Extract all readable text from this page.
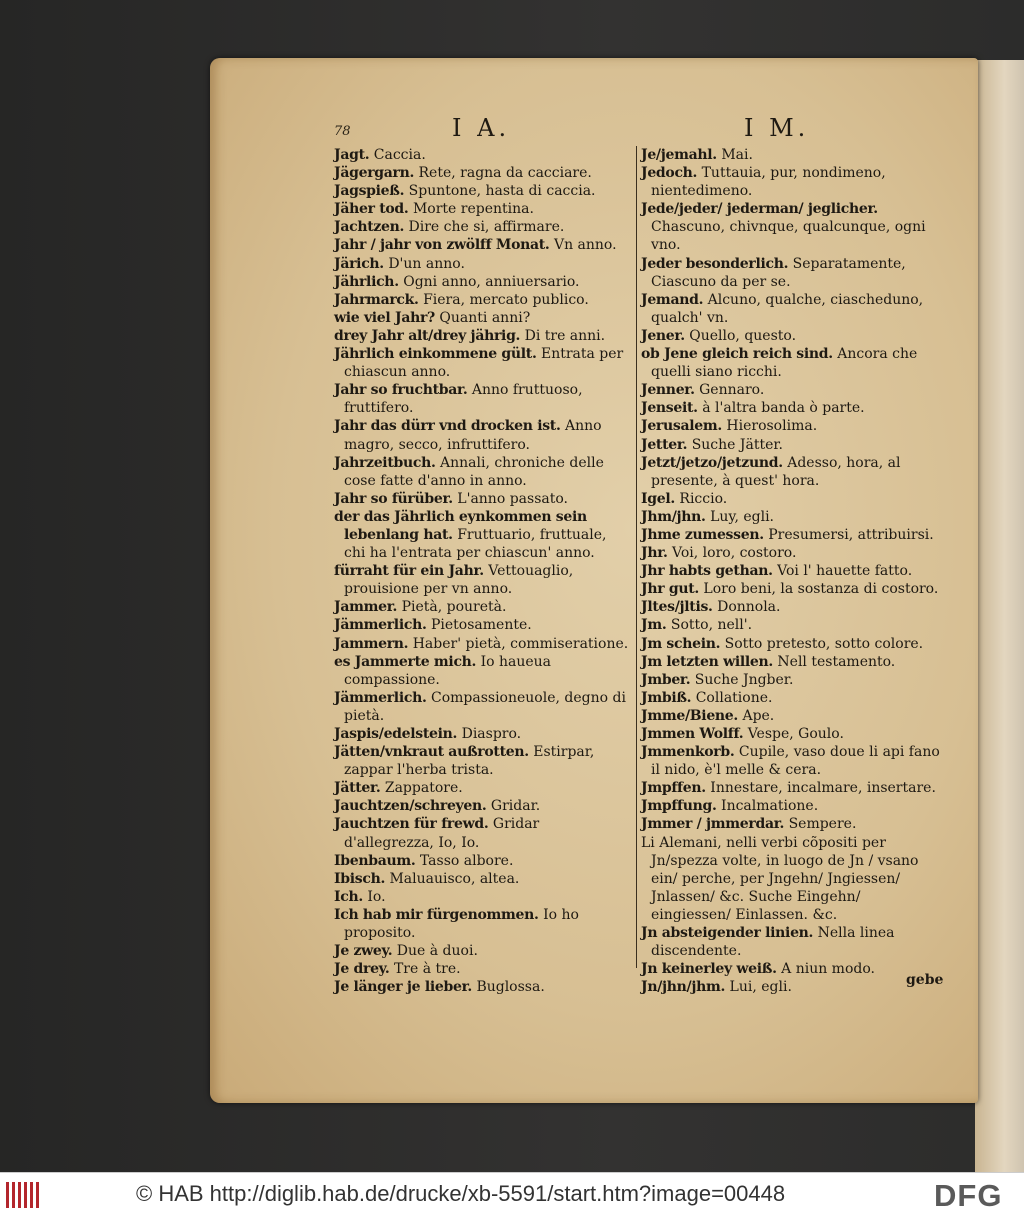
78	I A.	I M.
Jagt. Caccia.
Jägergarn. Rete, ragna da cacciare.
Jagspieß. Spuntone, hasta di caccia.
Jäher tod. Morte repentina.
Jachtzen. Dire che si, affirmare.
Jahr / jahr von zwölff Monat. Vn anno.
Järich. D'un anno.
Jährlich. Ogni anno, anniuersario.
Jahrmarck. Fiera, mercato publico.
wie viel Jahr? Quanti anni?
drey Jahr alt/drey jährig. Di tre anni.
Jährlich einkommene gült. Entrata per chiascun anno.
Jahr so fruchtbar. Anno fruttuoso, fruttifero.
Jahr das dürr vnd drocken ist. Anno magro, secco, infruttifero.
Jahrzeitbuch. Annali, chroniche delle cose fatte d'anno in anno.
Jahr so fürüber. L'anno passato.
der das Jährlich eynkommen sein lebenlang hat. Fruttuario, fruttuale, chi ha l'entrata per chiascun' anno.
fürraht für ein Jahr. Vettouaglio, prouisione per vn anno.
Jammer. Pietà, pouretà.
Jämmerlich. Pietosamente.
Jammern. Haber' pietà, commiseratione.
es Jammerte mich. Io haueua compassione.
Jämmerlich. Compassioneuole, degno di pietà.
Jaspis/edelstein. Diaspro.
Jätten/vnkraut außrotten. Estirpar, zappar l'herba trista.
Jätter. Zappatore.
Jauchtzen/schreyen. Gridar.
Jauchtzen für frewd. Gridar d'allegrezza, Io, Io.
Ibenbaum. Tasso albore.
Ibisch. Maluauisco, altea.
Ich. Io.
Ich hab mir fürgenommen. Io ho proposito.
Je zwey. Due à duoi.
Je drey. Tre à tre.
Je länger je lieber. Buglossa.
Je/jemahl. Mai.
Jedoch. Tuttauia, pur, nondimeno, nientedimeno.
Jede/jeder/ jederman/ jeglicher. Chascuno, chivnque, qualcunque, ogni vno.
Jeder besonderlich. Separatamente, Ciascuno da per se.
Jemand. Alcuno, qualche, ciascheduno, qualch' vn.
Jener. Quello, questo.
ob Jene gleich reich sind. Ancora che quelli siano ricchi.
Jenner. Gennaro.
Jenseit. à l'altra banda ò parte.
Jerusalem. Hierosolima.
Jetter. Suche Jätter.
Jetzt/jetzo/jetzund. Adesso, hora, al presente, à quest' hora.
Igel. Riccio.
Jhm/jhn. Luy, egli.
Jhme zumessen. Presumersi, attribuirsi.
Jhr. Voi, loro, costoro.
Jhr habts gethan. Voi l' hauette fatto.
Jhr gut. Loro beni, la sostanza di costoro.
Jltes/jltis. Donnola.
Jm. Sotto, nell'.
Jm schein. Sotto pretesto, sotto colore.
Jm letzten willen. Nell testamento.
Jmber. Suche Jngber.
Jmbiß. Collatione.
Jmme/Biene. Ape.
Jmmen Wolff. Vespe, Goulo.
Jmmenkorb. Cupile, vaso doue li api fano il nido, è'l melle & cera.
Jmpffen. Innestare, incalmare, insertare.
Jmpffung. Incalmatione.
Jmmer / jmmerdar. Sempere.
Li Alemani, nelli verbi cõpositi per Jn/spezza volte, in luogo de Jn / vsano ein/ perche, per Jngehn/ Jngiessen/ Jnlassen/ &c. Suche Eingehn/ eingiessen/ Einlassen. &c.
Jn absteigender linien. Nella linea discendente.
Jn keinerley weiß. A niun modo.
Jn/jhn/jhm. Lui, egli.	gebe
© HAB http://diglib.hab.de/drucke/xb-5591/start.htm?image=00448	DFG
